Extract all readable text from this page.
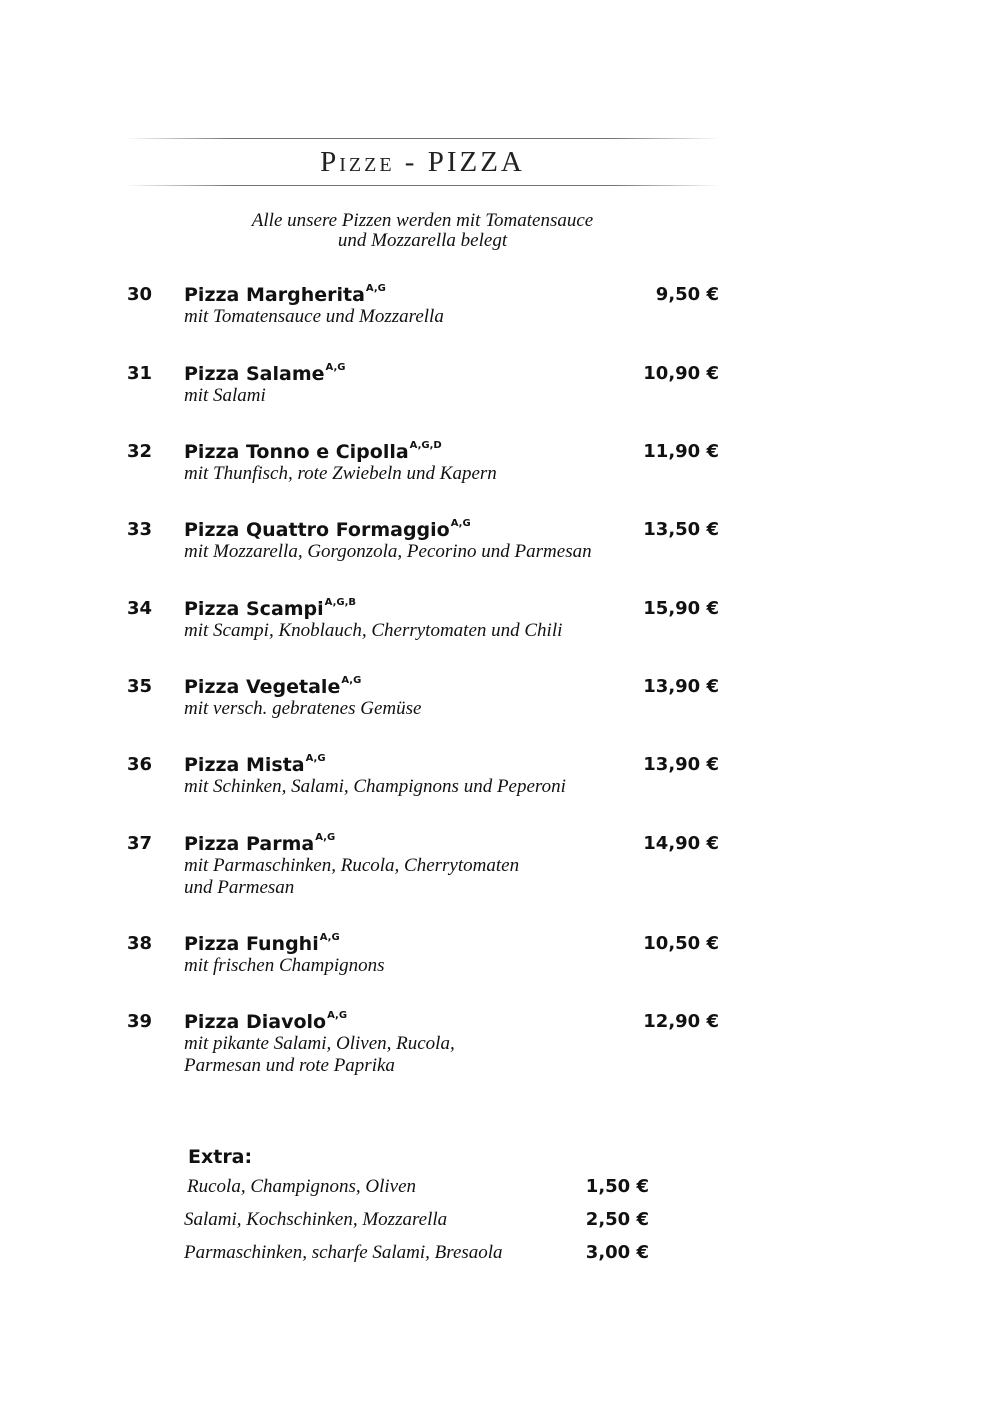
Pizze - PIZZA
Alle unsere Pizzen werden mit Tomatensauce
und Mozzarella belegt
30 Pizza Margherita$^{A,G}$	9,50 €
mit Tomatensauce und Mozzarella
31 Pizza Salame$^{A,G}$	10,90 €
mit Salami
32 Pizza Tonno e Cipolla$^{A,G,D}$	11,90 €
mit Thunfisch, rote Zwiebeln und Kapern
33 Pizza Quattro Formaggio$^{A,G}$	13,50 €
mit Mozzarella, Gorgonzola, Pecorino und Parmesan
34 Pizza Scampi$^{A,G,B}$	15,90 €
mit Scampi, Knoblauch, Cherrytomaten und Chili
35 Pizza Vegetale$^{A,G}$	13,90 €
mit versch. gebratenes Gemüse
36 Pizza Mista$^{A,G}$	13,90 €
mit Schinken, Salami, Champignons und Peperoni
37 Pizza Parma$^{A,G}$	14,90 €
mit Parmaschinken, Rucola, Cherrytomaten
und Parmesan
38 Pizza Funghi$^{A,G}$	10,50 €
mit frischen Champignons
39 Pizza Diavolo$^{A,G}$	12,90 €
mit pikante Salami, Oliven, Rucola,
Parmesan und rote Paprika
Extra:
Rucola, Champignons, Oliven	1,50 €
Salami, Kochschinken, Mozzarella	2,50 €
Parmaschinken, scharfe Salami, Bresaola	3,00 €
